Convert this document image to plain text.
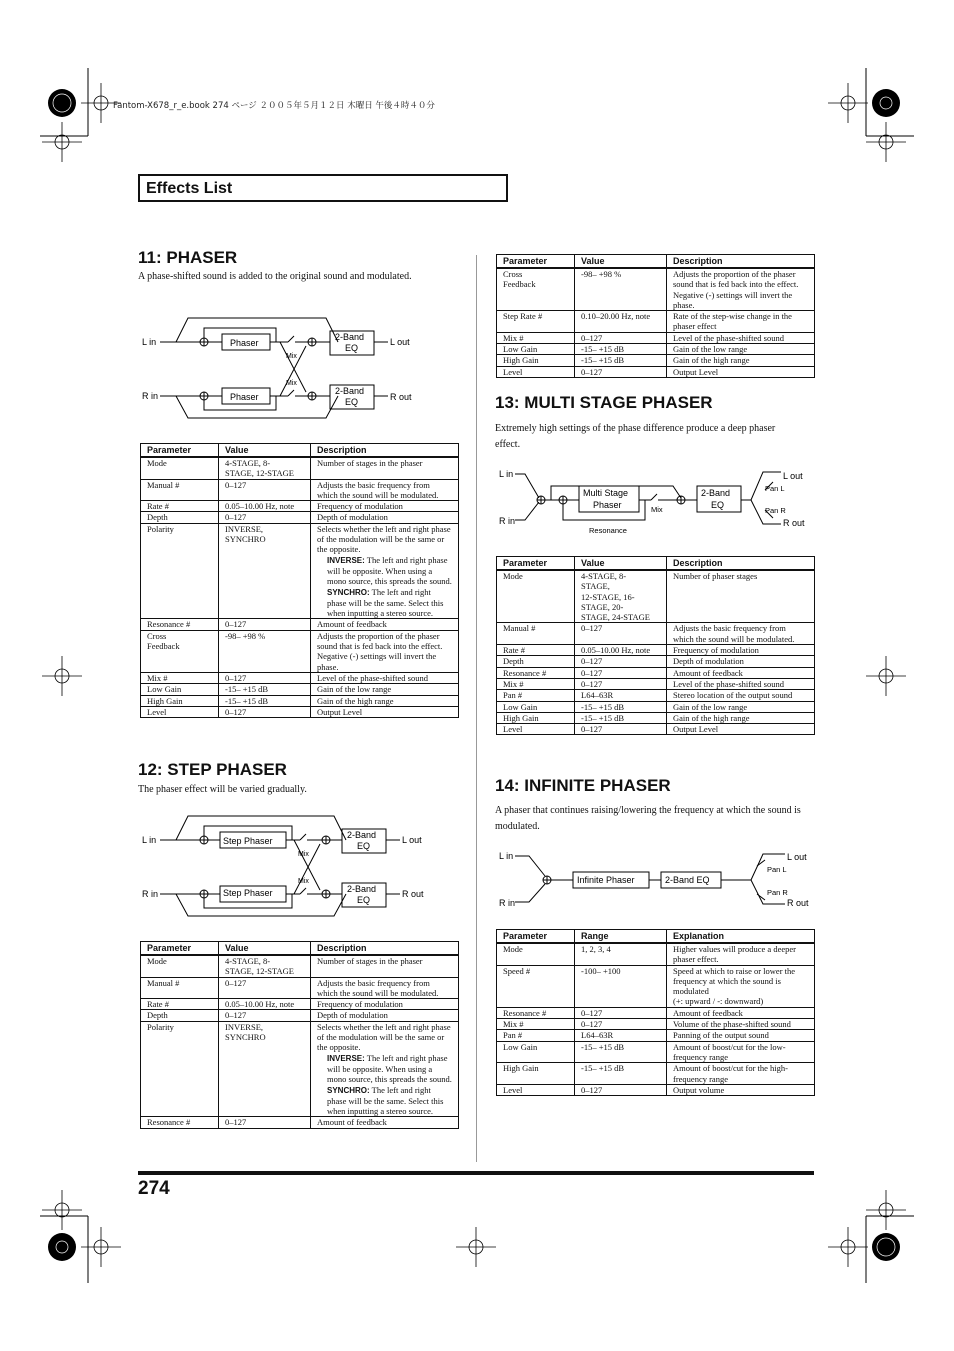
Fantom-X678_r_e.book 274 ページ ２００５年５月１２日 木曜日 午後４時４０分
Effects List
11: PHASER

A phase-shifted sound is added to the original sound and modulated.

L in
R in
Phaser
Phaser
L out
R out
2-Band
EQ
2-Band
EQ
Mix
Mix
Parameter	Value	Description
Mode	4-STAGE, 8-
STAGE, 12-STAGE	Number of stages in the phaser
Manual #	0–127	Adjusts the basic frequency from which the sound will be modulated.
Rate #	0.05–10.00 Hz, note	Frequency of modulation
Depth	0–127	Depth of modulation
Polarity	INVERSE,
SYNCHRO	Selects whether the left and right phase of the modulation will be the same or the opposite.
INVERSE: The left and right phase will be opposite. When using a mono source, this spreads the sound.
SYNCHRO: The left and right phase will be the same. Select this when inputting a stereo source.

Resonance #	0–127	Amount of feedback
Cross
Feedback	-98– +98 %	Adjusts the proportion of the phaser sound that is fed back into the effect. Negative (-) settings will invert the phase.
Mix #	0–127	Level of the phase-shifted sound
Low Gain	-15– +15 dB	Gain of the low range
High Gain	-15– +15 dB	Gain of the high range
Level	0–127	Output Level
12: STEP PHASER

The phaser effect will be varied gradually.

L in
R in
Step Phaser
Step Phaser
L out
R out
2-Band
EQ
2-Band
EQ
Mix
Mix
Parameter	Value	Description
Mode	4-STAGE, 8-
STAGE, 12-STAGE	Number of stages in the phaser
Manual #	0–127	Adjusts the basic frequency from which the sound will be modulated.
Rate #	0.05–10.00 Hz, note	Frequency of modulation
Depth	0–127	Depth of modulation
Polarity	INVERSE,
SYNCHRO	Selects whether the left and right phase of the modulation will be the same or the opposite.
INVERSE: The left and right phase will be opposite. When using a mono source, this spreads the sound.
SYNCHRO: The left and right phase will be the same. Select this when inputting a stereo source.

Resonance #	0–127	Amount of feedback
Parameter	Value	Description
Cross
Feedback	-98– +98 %	Adjusts the proportion of the phaser sound that is fed back into the effect. Negative (-) settings will invert the phase.
Step Rate #	0.10–20.00 Hz, note	Rate of the step-wise change in the phaser effect
Mix #	0–127	Level of the phase-shifted sound
Low Gain	-15– +15 dB	Gain of the low range
High Gain	-15– +15 dB	Gain of the high range
Level	0–127	Output Level
13: MULTI STAGE PHASER

Extremely high settings of the phase difference produce a deep phaser effect.

L in
R in
Multi Stage
Phaser
2-Band
EQ
L out
R out
Pan L
Pan R
Mix
Resonance
Parameter	Value	Description
Mode	4-STAGE, 8-
STAGE,
12-STAGE, 16-
STAGE, 20-
STAGE, 24-STAGE	Number of phaser stages
Manual #	0–127	Adjusts the basic frequency from which the sound will be modulated.
Rate #	0.05–10.00 Hz, note	Frequency of modulation
Depth	0–127	Depth of modulation
Resonance #	0–127	Amount of feedback
Mix #	0–127	Level of the phase-shifted sound
Pan #	L64–63R	Stereo location of the output sound
Low Gain	-15– +15 dB	Gain of the low range
High Gain	-15– +15 dB	Gain of the high range
Level	0–127	Output Level
14: INFINITE PHASER

A phaser that continues raising/lowering the frequency at which the sound is modulated.

L in
R in
Infinite Phaser	2-Band EQ
L out
R out
Pan L
Pan R
Parameter	Range	Explanation
Mode	1, 2, 3, 4	Higher values will produce a deeper phaser effect.
Speed #	-100– +100	Speed at which to raise or lower the frequency at which the sound is modulated
(+: upward / -: downward)
Resonance #	0–127	Amount of feedback
Mix #	0–127	Volume of the phase-shifted sound
Pan #	L64–63R	Panning of the output sound
Low Gain	-15– +15 dB	Amount of boost/cut for the low-frequency range
High Gain	-15– +15 dB	Amount of boost/cut for the high-frequency range
Level	0–127	Output volume
274
